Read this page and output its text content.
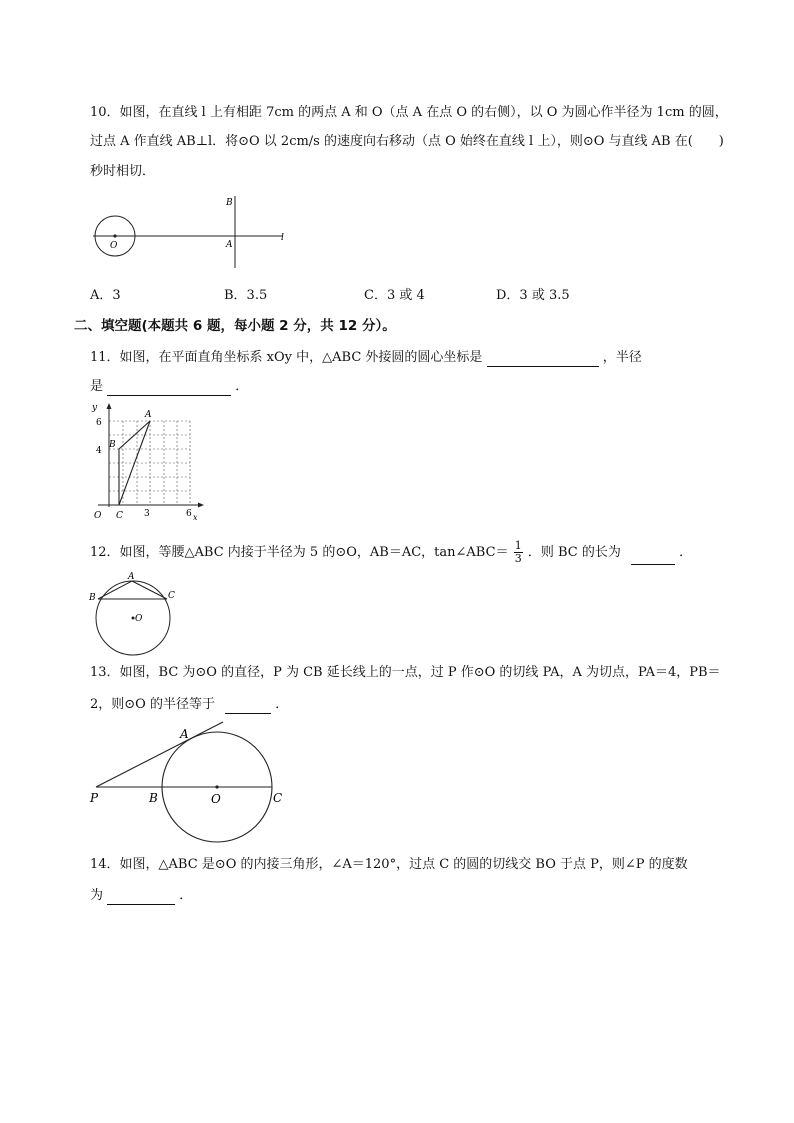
10．如图，在直线 l 上有相距 7cm 的两点 A 和 O（点 A 在点 O 的右侧），以 O 为圆心作半径为 1cm 的圆，
过点 A 作直线 AB⊥l．将⊙O 以 2cm/s 的速度向右移动（点 O 始终在直线 l 上），则⊙O 与直线 AB 在(　　)
秒时相切．
B
A
O
l
A．3	B．3.5	C．3 或 4	D．3 或 3.5
二、填空题(本题共 6 题，每小题 2 分，共 12 分）。
11．如图，在平面直角坐标系 xOy 中，△ABC 外接圆的圆心坐标是	，半径
是	．
y
x
O C 3	6
4
6
A
B
12．如图，等腰△ABC 内接于半径为 5 的⊙O，AB＝AC，tan∠ABC＝ $\frac{1}{3}$ ．则 BC 的长为	．
A
B	C
O
13．如图，BC 为⊙O 的直径，P 为 CB 延长线上的一点，过 P 作⊙O 的切线 PA，A 为切点，PA＝4，PB＝
2，则⊙O 的半径等于	．
A
P	B	O	C
14．如图，△ABC 是⊙O 的内接三角形，∠A＝120°，过点 C 的圆的切线交 BO 于点 P，则∠P 的度数
为	．
